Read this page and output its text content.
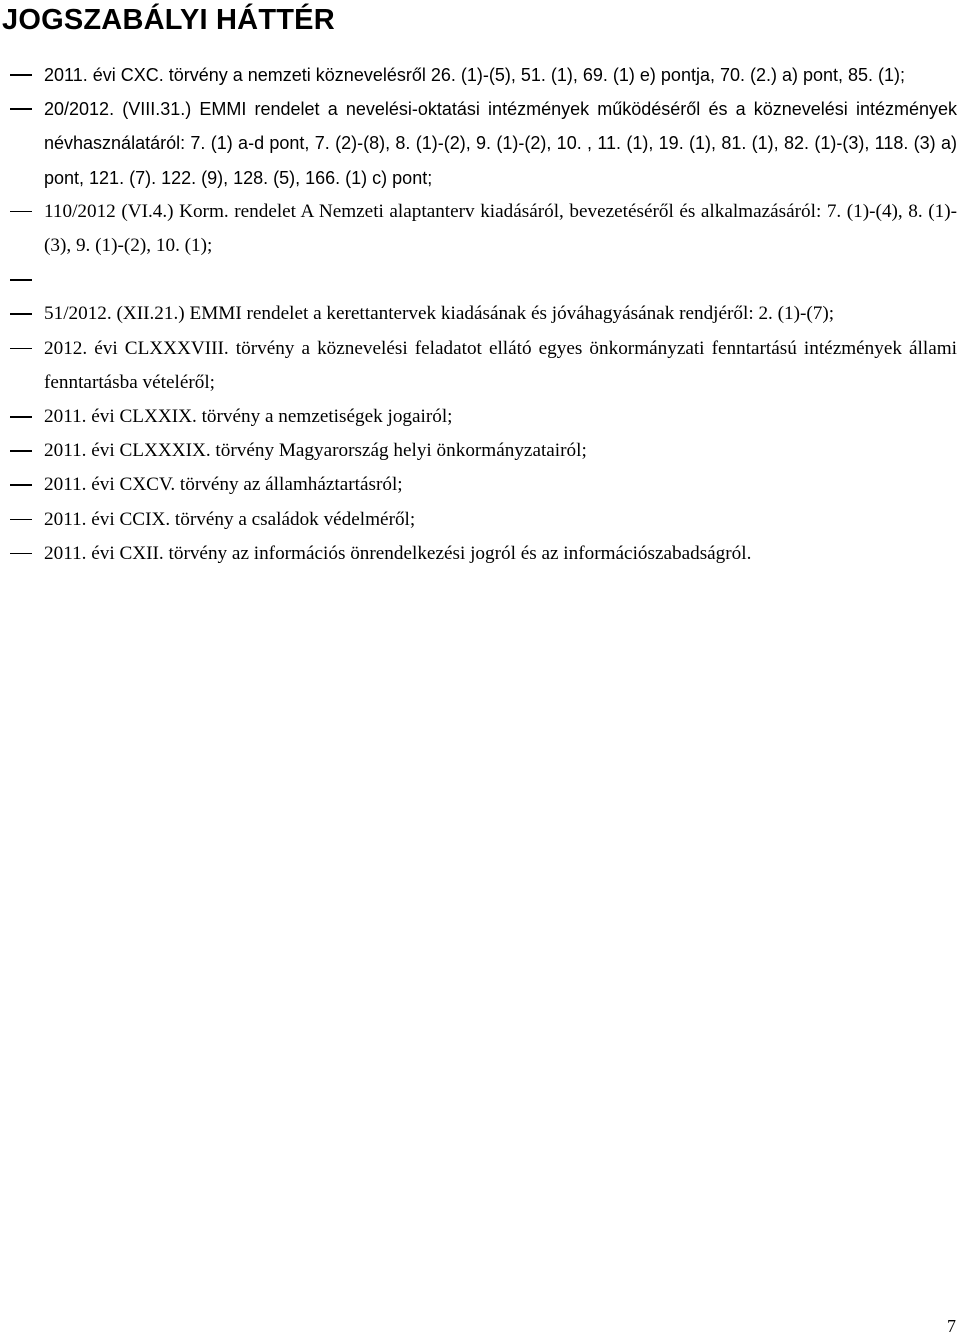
JOGSZABÁLYI HÁTTÉR
2011. évi CXC. törvény a nemzeti köznevelésről 26. (1)-(5), 51. (1), 69. (1) e) pontja, 70. (2.) a) pont, 85. (1);
20/2012. (VIII.31.) EMMI rendelet a nevelési-oktatási intézmények működéséről és a köznevelési intézmények névhasználatáról: 7. (1) a-d pont, 7. (2)-(8), 8. (1)-(2), 9. (1)-(2), 10. , 11. (1), 19. (1), 81. (1), 82. (1)-(3), 118. (3) a) pont, 121. (7). 122. (9), 128. (5), 166. (1) c) pont;
110/2012 (VI.4.) Korm. rendelet A Nemzeti alaptanterv kiadásáról, bevezetéséről és alkalmazásáról: 7. (1)-(4), 8. (1)-(3), 9. (1)-(2), 10. (1);
51/2012. (XII.21.) EMMI rendelet a kerettantervek kiadásának és jóváhagyásának rendjéről: 2. (1)-(7);
2012. évi CLXXXVIII. törvény a köznevelési feladatot ellátó egyes önkormányzati fenntartású intézmények állami fenntartásba vételéről;
2011. évi CLXXIX. törvény a nemzetiségek jogairól;
2011. évi CLXXXIX. törvény Magyarország helyi önkormányzatairól;
2011. évi CXCV. törvény az államháztartásról;
2011. évi CCIX. törvény a családok védelméről;
2011. évi CXII. törvény az információs önrendelkezési jogról és az információszabadságról.
7
